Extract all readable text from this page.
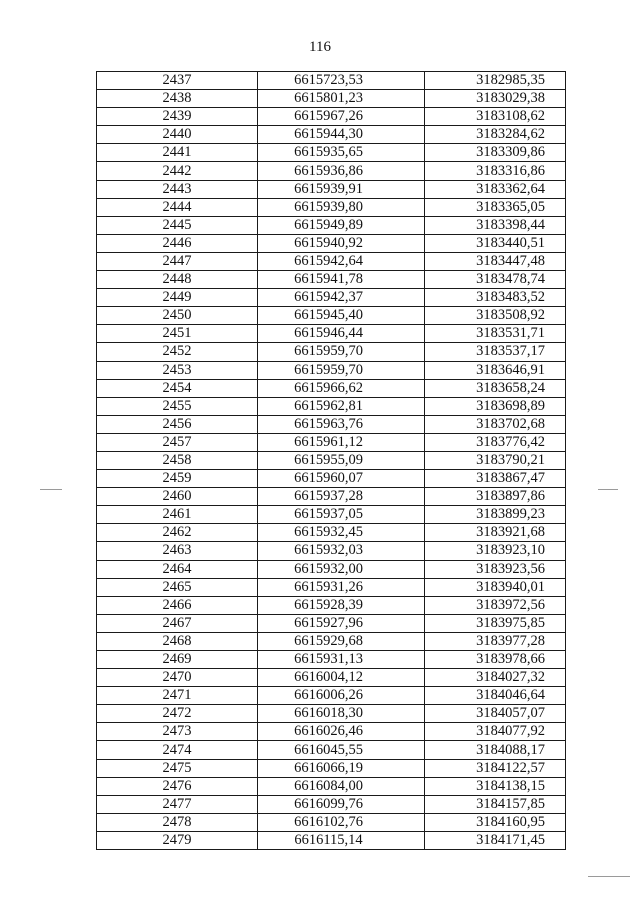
116
2437	6615723,53	3182985,35
2438	6615801,23	3183029,38
2439	6615967,26	3183108,62
2440	6615944,30	3183284,62
2441	6615935,65	3183309,86
2442	6615936,86	3183316,86
2443	6615939,91	3183362,64
2444	6615939,80	3183365,05
2445	6615949,89	3183398,44
2446	6615940,92	3183440,51
2447	6615942,64	3183447,48
2448	6615941,78	3183478,74
2449	6615942,37	3183483,52
2450	6615945,40	3183508,92
2451	6615946,44	3183531,71
2452	6615959,70	3183537,17
2453	6615959,70	3183646,91
2454	6615966,62	3183658,24
2455	6615962,81	3183698,89
2456	6615963,76	3183702,68
2457	6615961,12	3183776,42
2458	6615955,09	3183790,21
2459	6615960,07	3183867,47
2460	6615937,28	3183897,86
2461	6615937,05	3183899,23
2462	6615932,45	3183921,68
2463	6615932,03	3183923,10
2464	6615932,00	3183923,56
2465	6615931,26	3183940,01
2466	6615928,39	3183972,56
2467	6615927,96	3183975,85
2468	6615929,68	3183977,28
2469	6615931,13	3183978,66
2470	6616004,12	3184027,32
2471	6616006,26	3184046,64
2472	6616018,30	3184057,07
2473	6616026,46	3184077,92
2474	6616045,55	3184088,17
2475	6616066,19	3184122,57
2476	6616084,00	3184138,15
2477	6616099,76	3184157,85
2478	6616102,76	3184160,95
2479	6616115,14	3184171,45
